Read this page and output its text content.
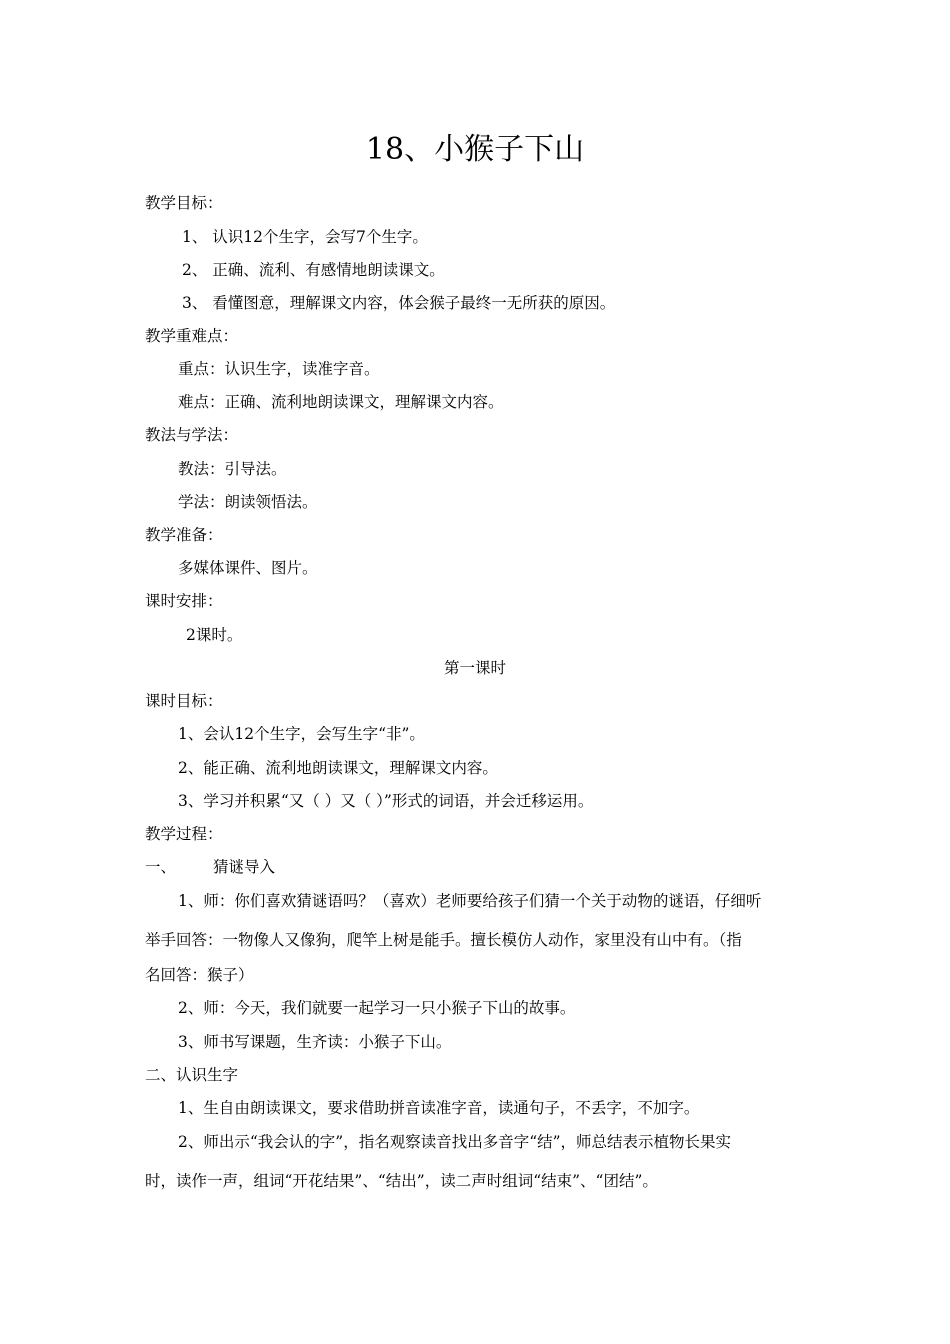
18、小猴子下山
教学目标：
1、 认识12个生字，会写7个生字。
2、 正确、流利、有感情地朗读课文。
3、 看懂图意，理解课文内容，体会猴子最终一无所获的原因。
教学重难点：
重点：认识生字，读准字音。
难点：正确、流利地朗读课文，理解课文内容。
教法与学法：
教法：引导法。
学法：朗读领悟法。
教学准备：
多媒体课件、图片。
课时安排：
2课时。
第一课时
课时目标：
1、会认12个生字，会写生字“非”。
2、能正确、流利地朗读课文，理解课文内容。
3、学习并积累“又（ ）又（ ）”形式的词语，并会迁移运用。
教学过程：
一、 猜谜导入
1、师：你们喜欢猜谜语吗？（喜欢）老师要给孩子们猜一个关于动物的谜语，仔细听
举手回答：一物像人又像狗，爬竿上树是能手。擅长模仿人动作，家里没有山中有。（指
名回答：猴子）
2、师：今天，我们就要一起学习一只小猴子下山的故事。
3、师书写课题，生齐读：小猴子下山。
二、认识生字
1、生自由朗读课文，要求借助拼音读准字音，读通句子，不丢字，不加字。
2、师出示“我会认的字”，指名观察读音找出多音字“结”，师总结表示植物长果实
时，读作一声，组词“开花结果”、“结出”，读二声时组词“结束”、“团结”。
